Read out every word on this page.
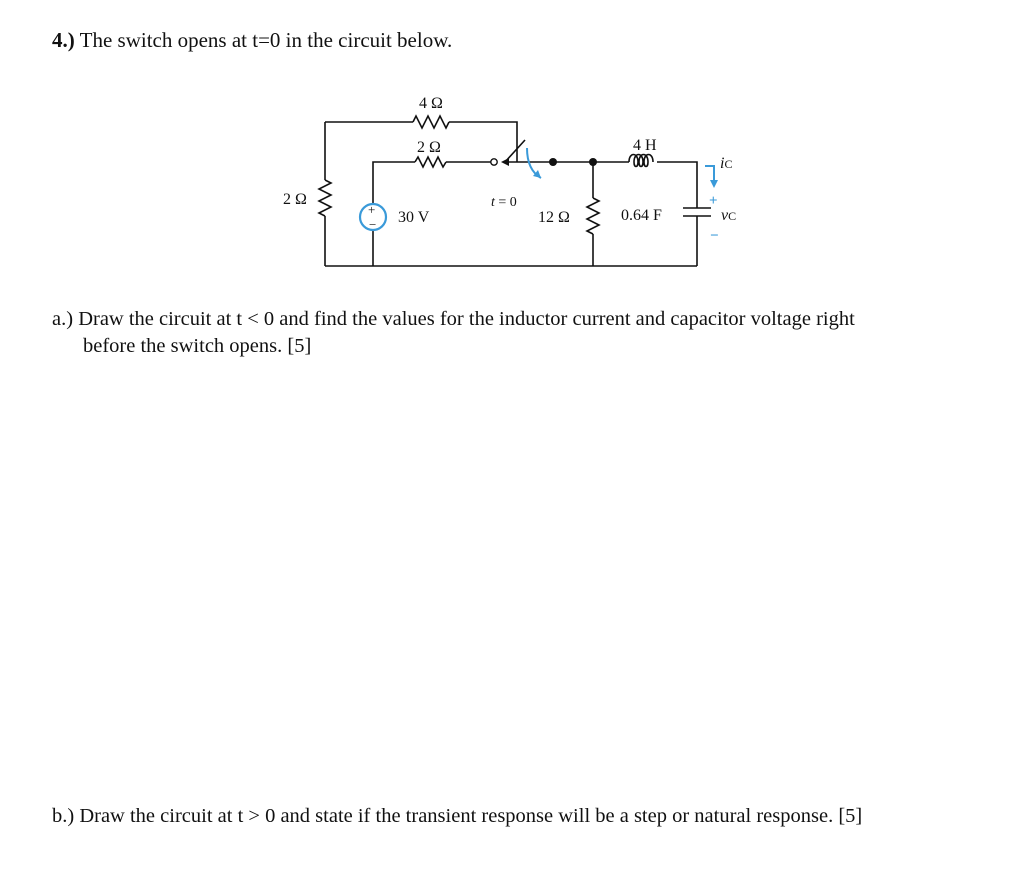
4.) The switch opens at t=0 in the circuit below.

+
−
+
−
4 Ω
2 Ω
2 Ω
4 H
30 V
t = 0
12 Ω	0.64 F
iC
vC

a.) Draw the circuit at t < 0 and find the values for the inductor current and capacitor voltage right
before the switch opens. [5]

b.) Draw the circuit at t > 0 and state if the transient response will be a step or natural response. [5]
